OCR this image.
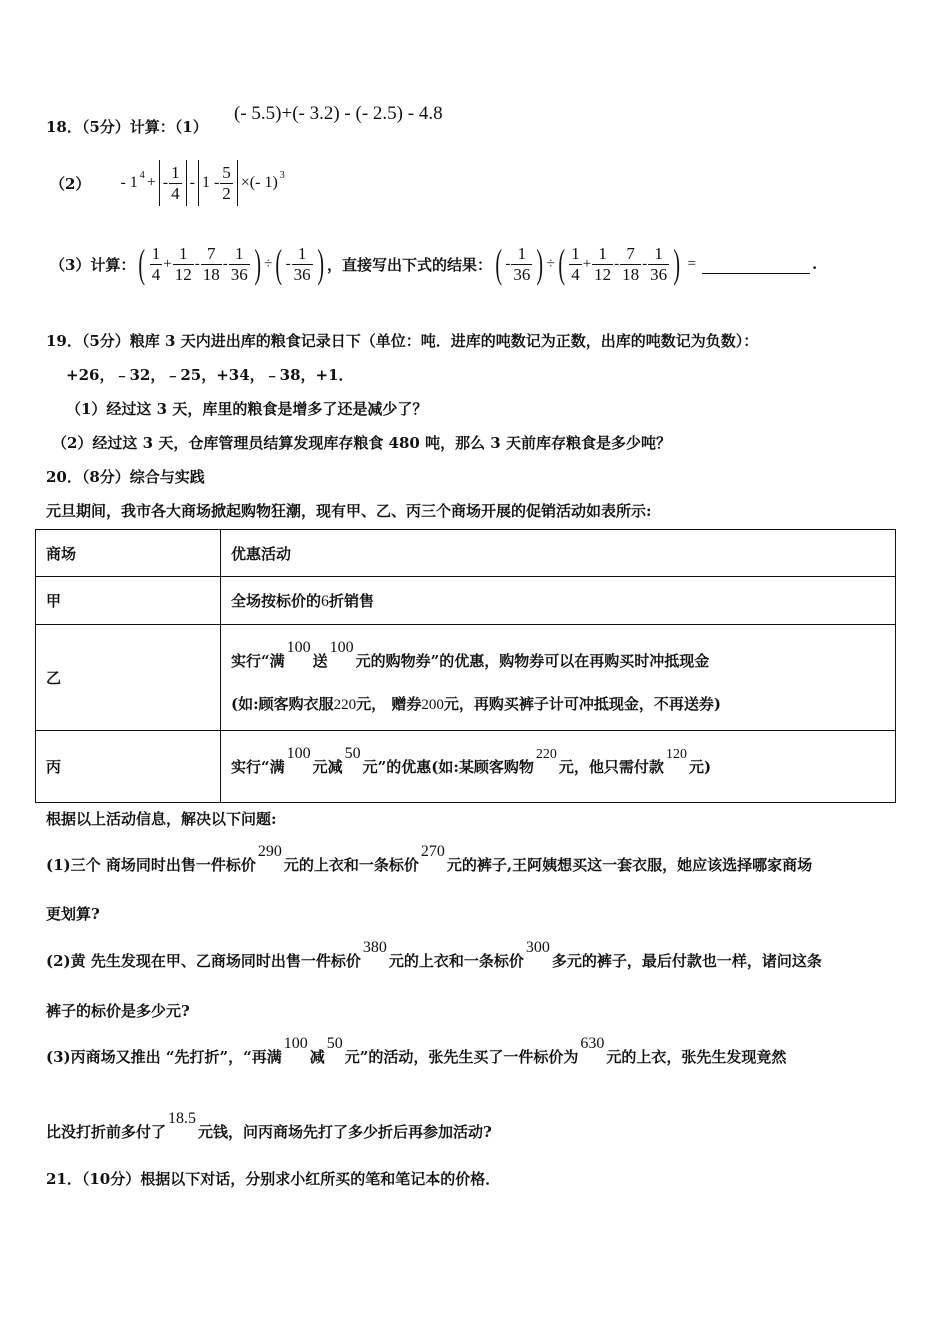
18．（5分）计算：（1）
(- 5.5)+(- 3.2) - (- 2.5) - 4.8
（2） - 1 4 + - $\frac{1}{4} - 1 - \frac{5}{2}$ ×(- 1) 3
（3）计算： ( $\frac{1}{4} + \frac{1}{12} - \frac{7}{18} - \frac{1}{36}$ ) ÷ ( - $\frac{1}{36}$ ) ，直接写出下式的结果： ( - $\frac{1}{36}$ ) ÷ ( $\frac{1}{4} + \frac{1}{12} - \frac{7}{18} - \frac{1}{36}$ ) =	.
19．（5分）粮库 3 天内进出库的粮食记录日下（单位：吨．进库的吨数记为正数，出库的吨数记为负数）：
+26，﹣32，﹣25，+34，﹣38，+1．
（1）经过这 3 天，库里的粮食是增多了还是减少了？
（2）经过这 3 天，仓库管理员结算发现库存粮食 480 吨，那么 3 天前库存粮食是多少吨？
20．（8分）综合与实践
元旦期间，我市各大商场掀起购物狂潮，现有甲、乙、丙三个商场开展的促销活动如表所示:
商场	优惠活动
甲	全场按标价的6折销售
乙	实行“满100送100元的购物券”的优惠，购物券可以在再购买时冲抵现金
(如:顾客购衣服220元， 赠券200元，再购买裤子计可冲抵现金，不再送券)

丙	实行“满100元减50元”的优惠(如:某顾客购物220元，他只需付款120元)
根据以上活动信息，解决以下问题:
(1)三个 商场同时出售一件标价290元的上衣和一条标价270元的裤子,王阿姨想买这一套衣服，她应该选择哪家商场
更划算?
(2)黄 先生发现在甲、乙商场同时出售一件标价380元的上衣和一条标价300多元的裤子，最后付款也一样，诸问这条
裤子的标价是多少元?
(3)丙商场又推出 “先打折”，“再满100减50元”的活动，张先生买了一件标价为630元的上衣，张先生发现竟然
比没打折前多付了18.5元钱，问丙商场先打了多少折后再参加活动?
21．（10分）根据以下对话，分别求小红所买的笔和笔记本的价格．
